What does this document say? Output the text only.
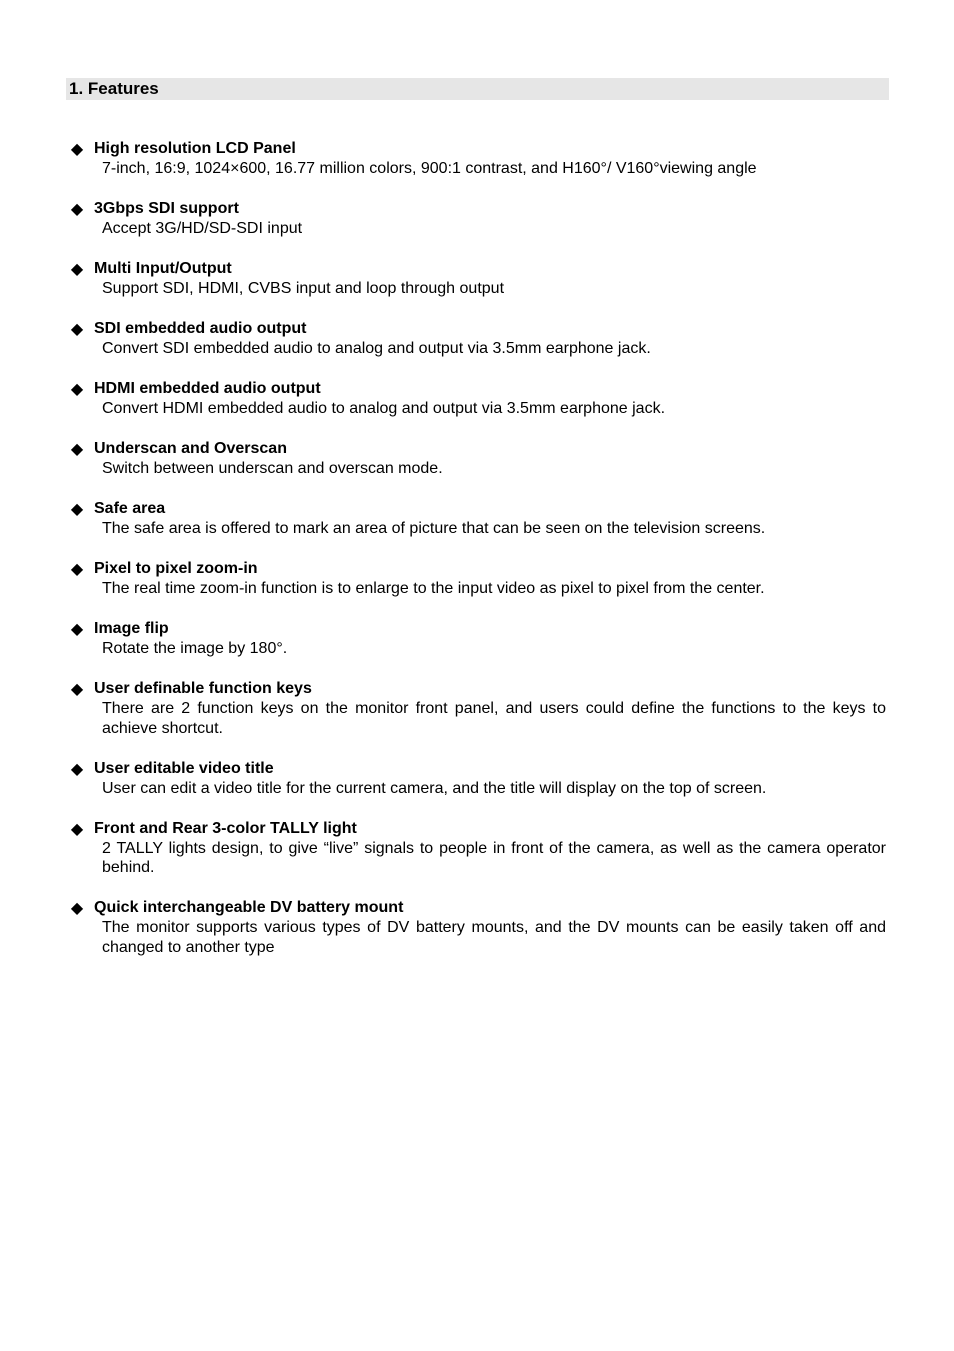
1. Features
◆ High resolution LCD Panel
7-inch, 16:9, 1024×600, 16.77 million colors, 900:1 contrast, and H160°/ V160°viewing angle
◆ 3Gbps SDI support
Accept 3G/HD/SD-SDI input
◆ Multi Input/Output
Support SDI, HDMI, CVBS input and loop through output
◆ SDI embedded audio output
Convert SDI embedded audio to analog and output via 3.5mm earphone jack.
◆ HDMI embedded audio output
Convert HDMI embedded audio to analog and output via 3.5mm earphone jack.
◆ Underscan and Overscan
Switch between underscan and overscan mode.
◆ Safe area
The safe area is offered to mark an area of picture that can be seen on the television screens.
◆ Pixel to pixel zoom-in
The real time zoom-in function is to enlarge to the input video as pixel to pixel from the center.
◆ Image flip
Rotate the image by 180°.
◆ User definable function keys
There are 2 function keys on the monitor front panel, and users could define the functions to the keys to achieve shortcut.
◆ User editable video title
User can edit a video title for the current camera, and the title will display on the top of screen.
◆ Front and Rear 3-color TALLY light
2 TALLY lights design, to give “live” signals to people in front of the camera, as well as the camera operator behind.
◆ Quick interchangeable DV battery mount
The monitor supports various types of DV battery mounts, and the DV mounts can be easily taken off and changed to another type
